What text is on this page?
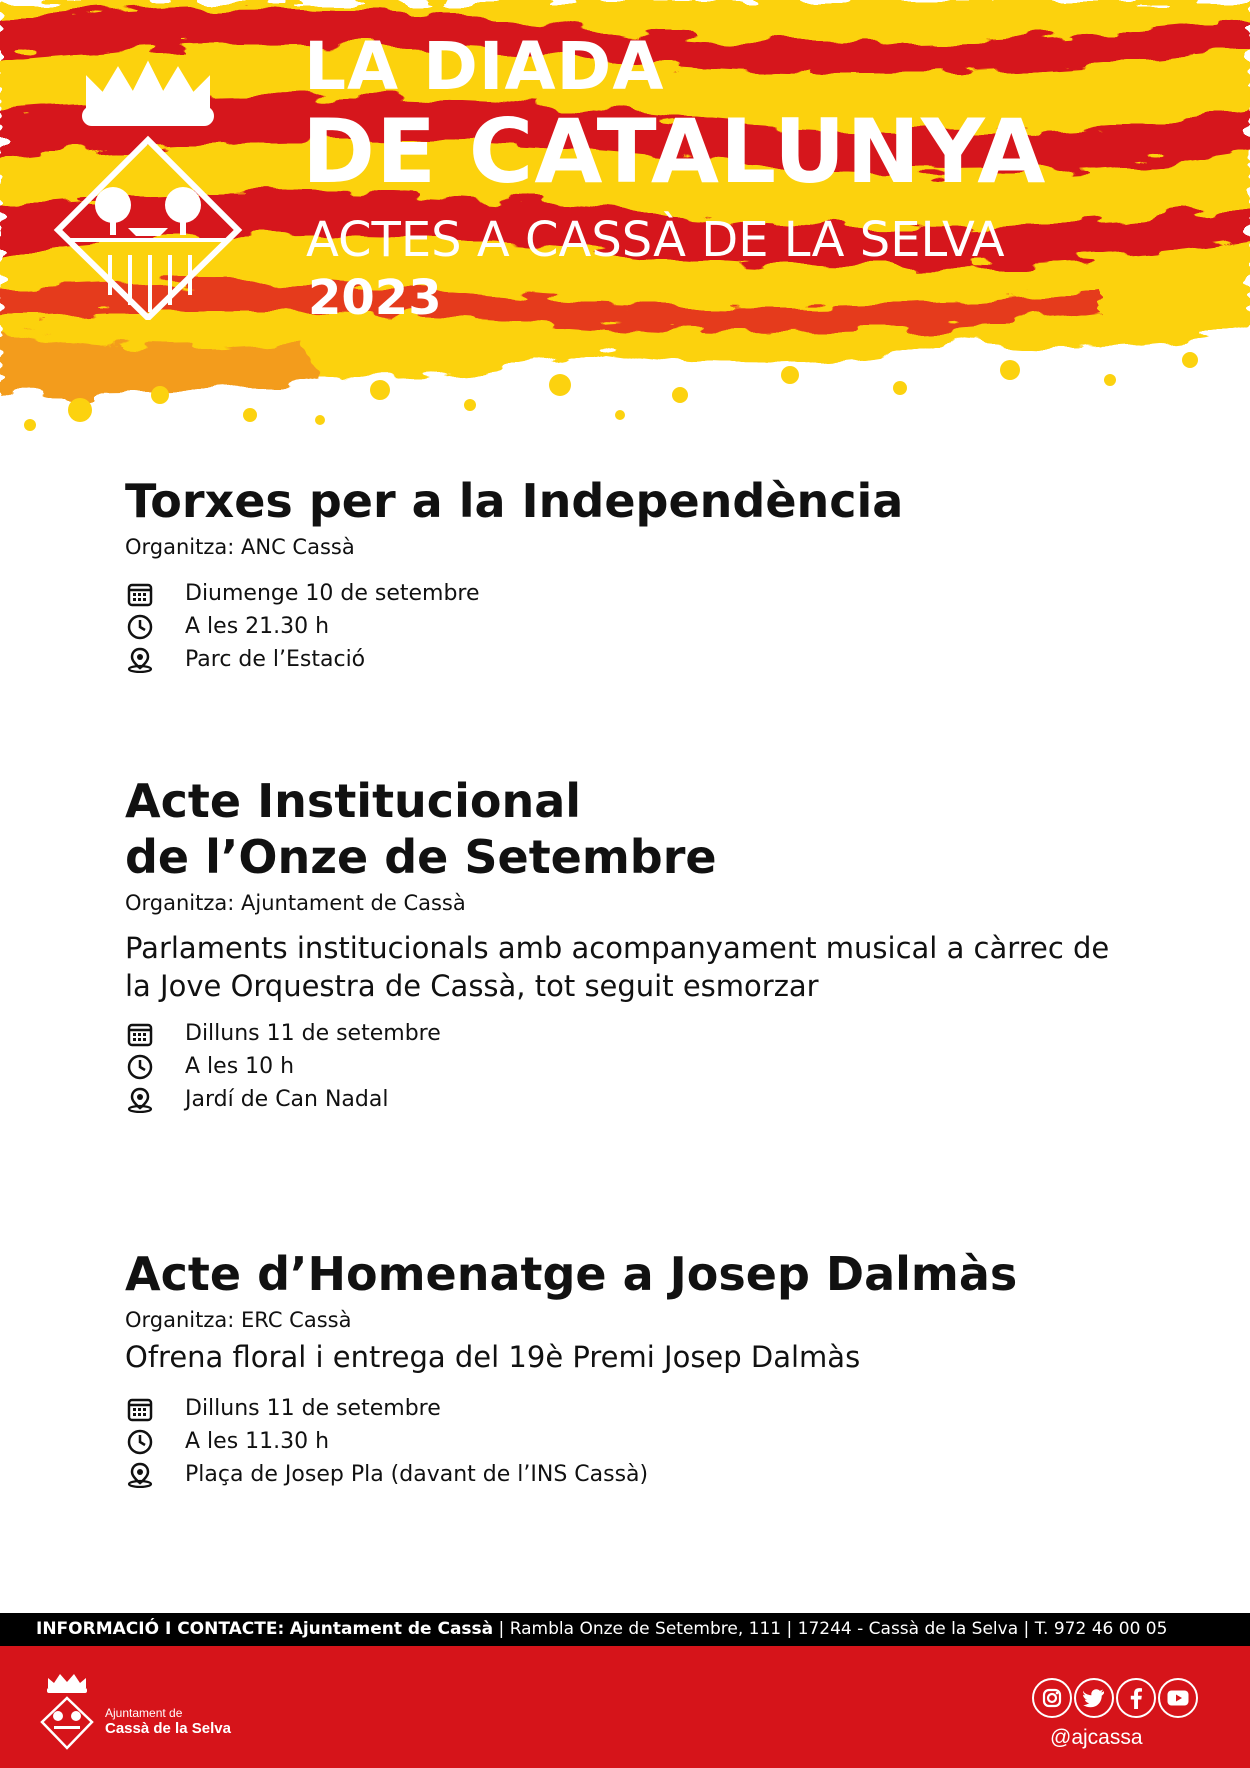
LA DIADA
DE CATALUNYA
ACTES A CASSÀ DE LA SELVA
2023
Torxes per a la Independència
Organitza: ANC Cassà
Diumenge 10 de setembre
A les 21.30 h
Parc de l’Estació
Acte Institucional
de l’Onze de Setembre
Organitza: Ajuntament de Cassà
Parlaments institucionals amb acompanyament musical a càrrec de
la Jove Orquestra de Cassà, tot seguit esmorzar
Dilluns 11 de setembre
A les 10 h
Jardí de Can Nadal
Acte d’Homenatge a Josep Dalmàs
Organitza: ERC Cassà
Ofrena floral i entrega del 19è Premi Josep Dalmàs
Dilluns 11 de setembre
A les 11.30 h
Plaça de Josep Pla (davant de l’INS Cassà)
INFORMACIÓ I CONTACTE: Ajuntament de Cassà | Rambla Onze de Setembre, 111 | 17244 - Cassà de la Selva | T. 972 46 00 05
Ajuntament de
Cassà de la Selva	@ajcassa
